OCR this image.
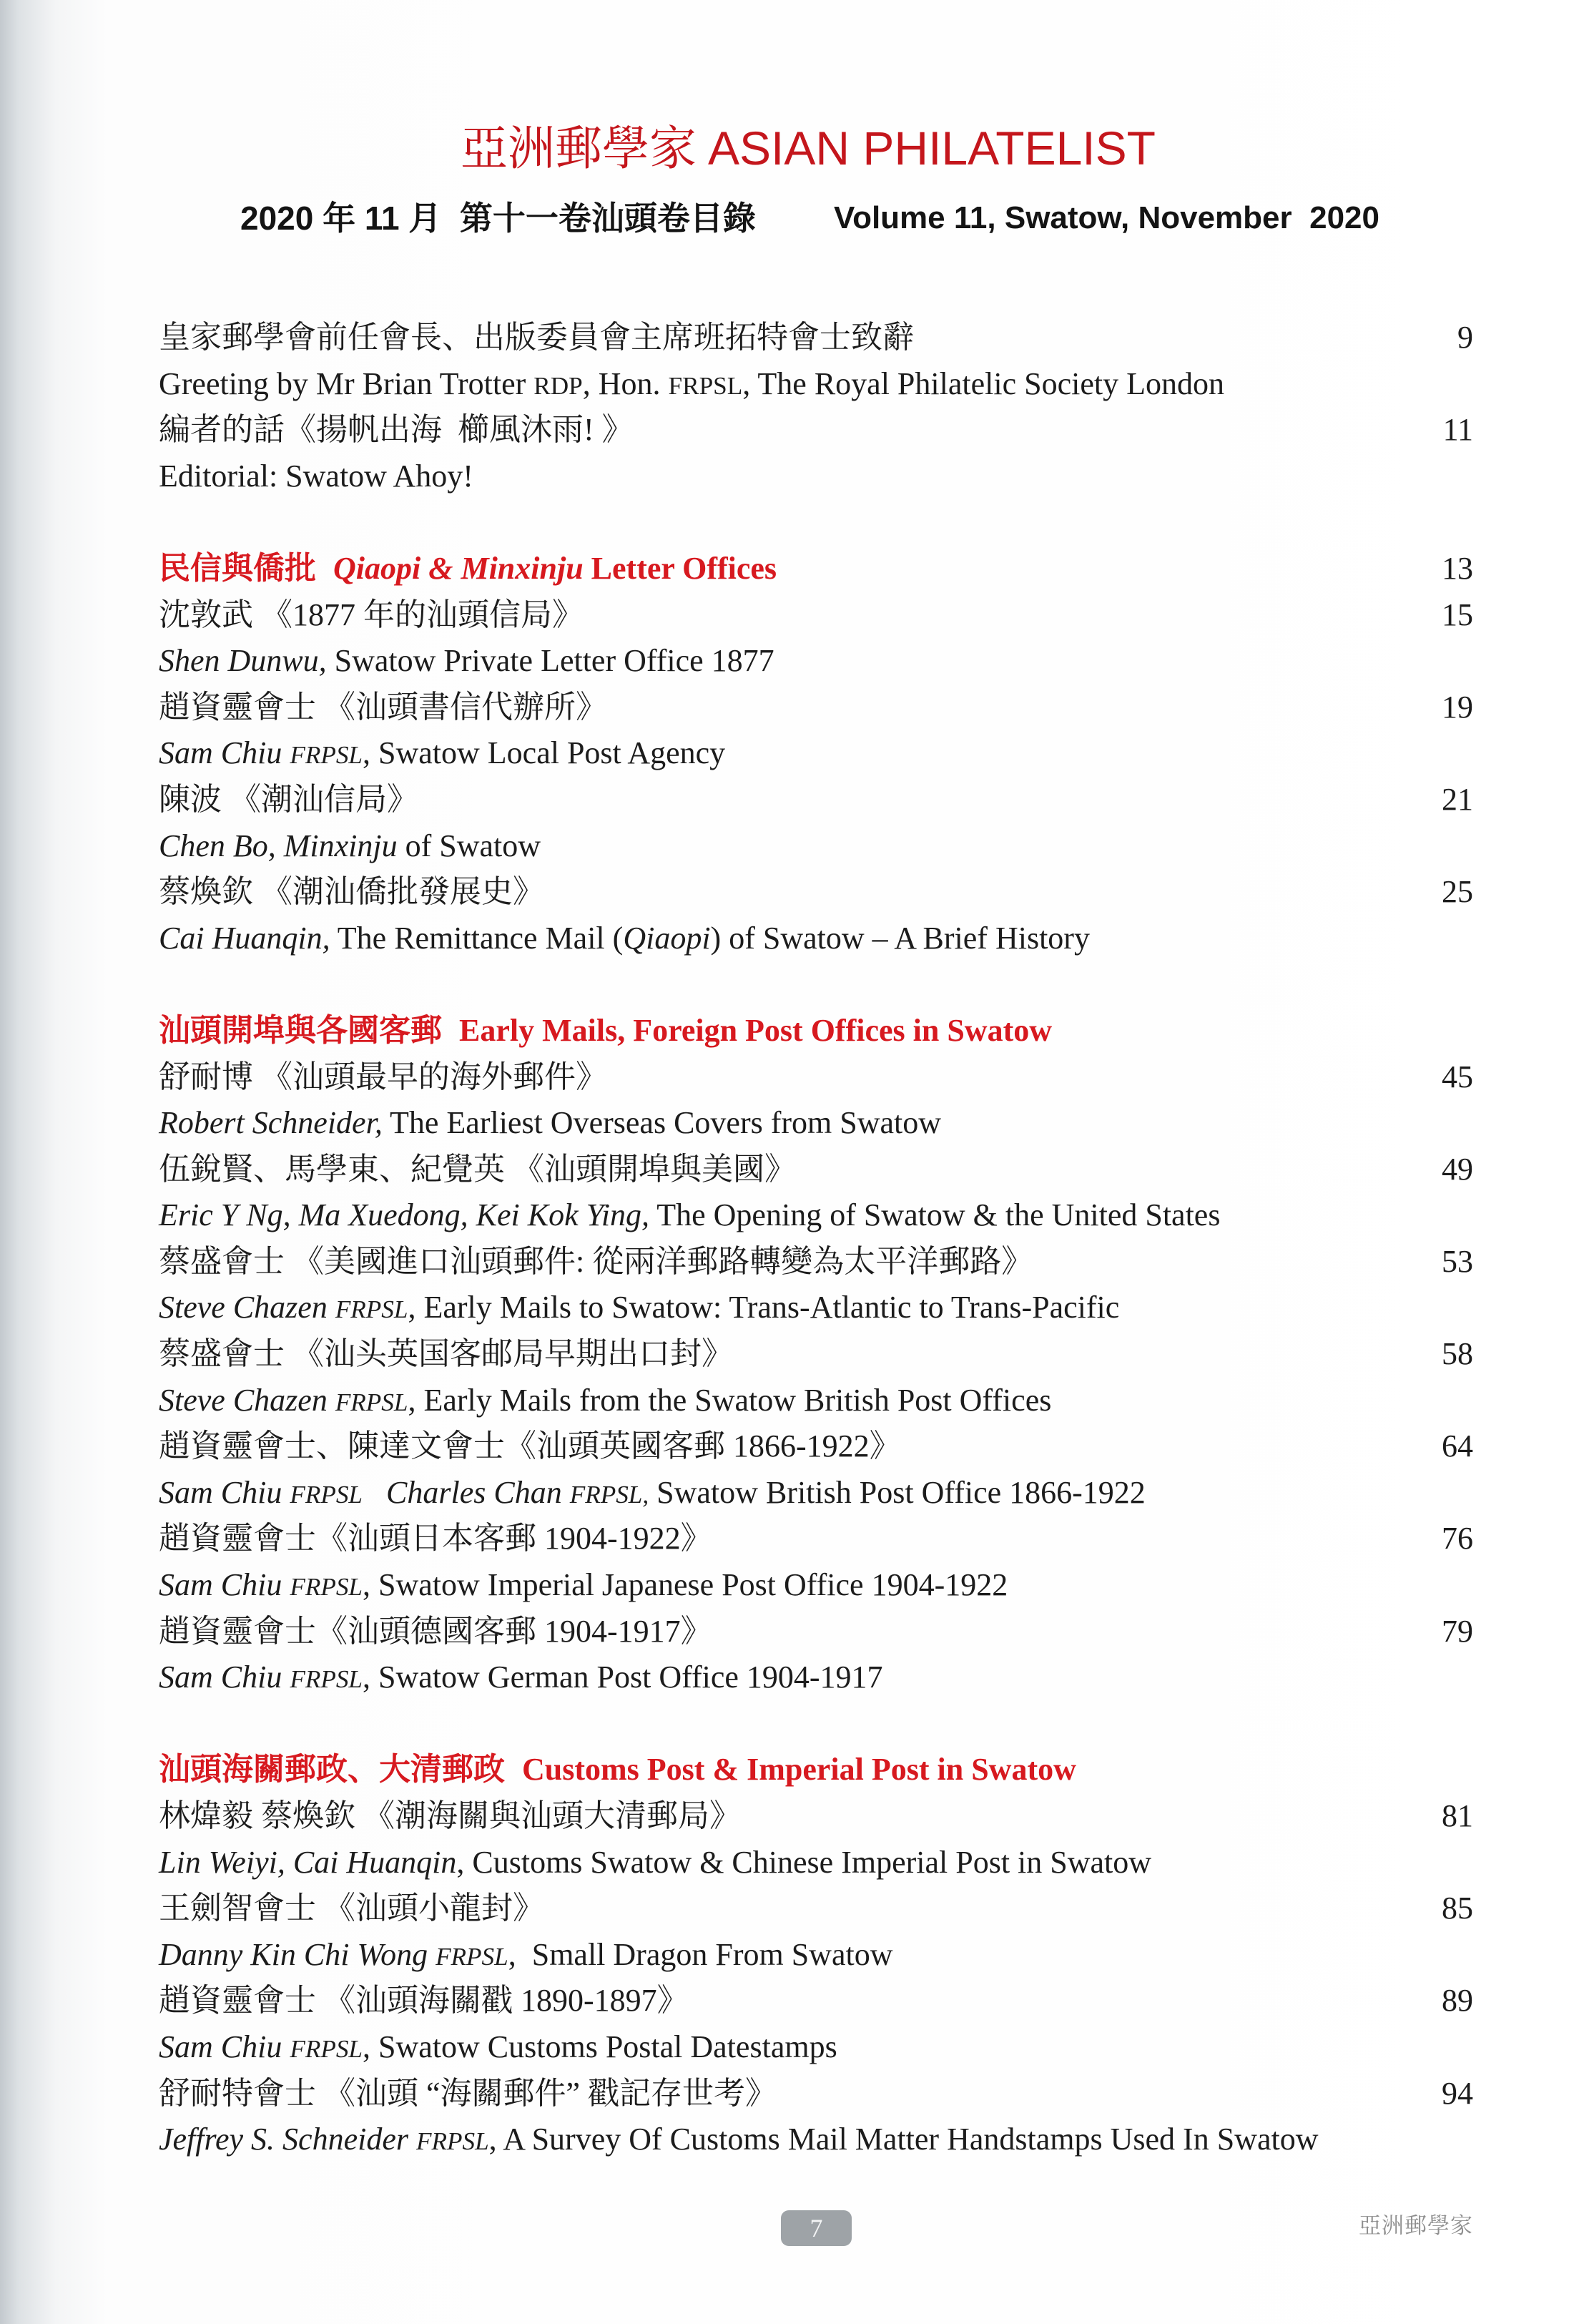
亞洲郵學家 ASIAN PHILATELIST
2020 年 11 月  第十一卷汕頭卷目錄 Volume 11, Swatow, November  2020
皇家郵學會前任會長、出版委員會主席班拓特會士致辭	9
Greeting by Mr Brian Trotter RDP, Hon. FRPSL, The Royal Philatelic Society London
編者的話《揚帆出海  櫛風沐雨! 》	11
Editorial: Swatow Ahoy!
民信與僑批 Qiaopi & Minxinju Letter Offices	13
沈敦武 《1877 年的汕頭信局》	15
Shen Dunwu, Swatow Private Letter Office 1877
趙資靈會士 《汕頭書信代辦所》	19
Sam Chiu FRPSL, Swatow Local Post Agency
陳波 《潮汕信局》	21
Chen Bo, Minxinju of Swatow
蔡煥欽 《潮汕僑批發展史》	25
Cai Huanqin, The Remittance Mail (Qiaopi) of Swatow – A Brief History
汕頭開埠與各國客郵 Early Mails, Foreign Post Offices in Swatow
舒耐博 《汕頭最早的海外郵件》	45
Robert Schneider, The Earliest Overseas Covers from Swatow
伍銳賢、馬學東、紀覺英 《汕頭開埠與美國》	49
Eric Y Ng, Ma Xuedong, Kei Kok Ying, The Opening of Swatow & the United States
蔡盛會士 《美國進口汕頭郵件: 從兩洋郵路轉變為太平洋郵路》	53
Steve Chazen FRPSL, Early Mails to Swatow: Trans-Atlantic to Trans-Pacific
蔡盛會士 《汕头英国客邮局早期出口封》	58
Steve Chazen FRPSL, Early Mails from the Swatow British Post Offices
趙資靈會士、陳達文會士《汕頭英國客郵 1866-1922》	64
Sam Chiu FRPSL   Charles Chan FRPSL, Swatow British Post Office 1866-1922
趙資靈會士《汕頭日本客郵 1904-1922》	76
Sam Chiu FRPSL, Swatow Imperial Japanese Post Office 1904-1922
趙資靈會士《汕頭德國客郵 1904-1917》	79
Sam Chiu FRPSL, Swatow German Post Office 1904-1917
汕頭海關郵政、大清郵政 Customs Post & Imperial Post in Swatow
林煒毅 蔡煥欽 《潮海關與汕頭大清郵局》	81
Lin Weiyi, Cai Huanqin, Customs Swatow & Chinese Imperial Post in Swatow
王劍智會士 《汕頭小龍封》	85
Danny Kin Chi Wong FRPSL,  Small Dragon From Swatow
趙資靈會士 《汕頭海關戳 1890-1897》	89
Sam Chiu FRPSL, Swatow Customs Postal Datestamps
舒耐特會士 《汕頭 “海關郵件” 戳記存世考》	94
Jeffrey S. Schneider FRPSL, A Survey Of Customs Mail Matter Handstamps Used In Swatow
7	亞洲郵學家
